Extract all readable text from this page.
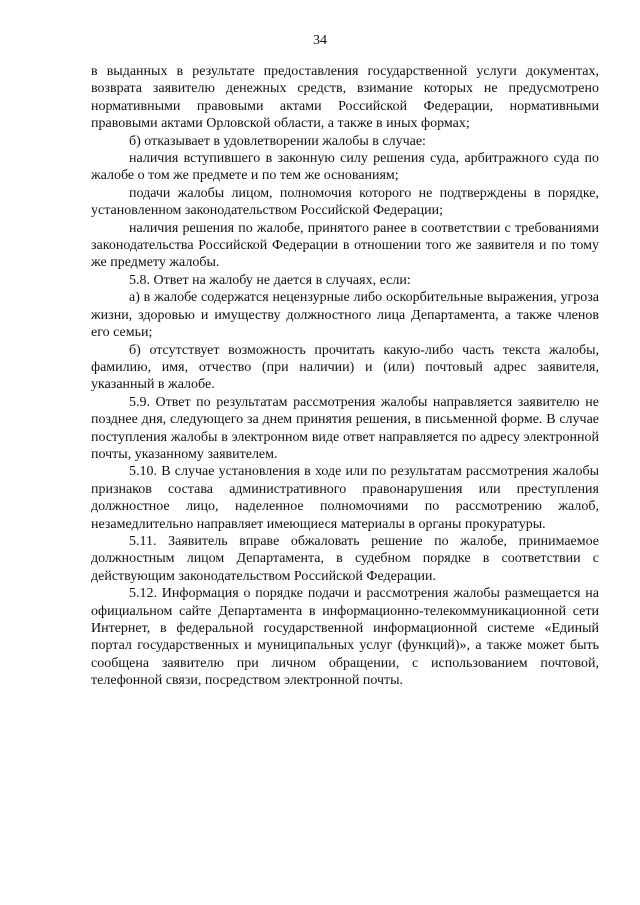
34

в выданных в результате предоставления государственной услуги документах, возврата заявителю денежных средств, взимание которых не предусмотрено нормативными правовыми актами Российской Федерации, нормативными правовыми актами Орловской области, а также в иных формах;

б) отказывает в удовлетворении жалобы в случае:

наличия вступившего в законную силу решения суда, арбитражного суда по жалобе о том же предмете и по тем же основаниям;

подачи жалобы лицом, полномочия которого не подтверждены в порядке, установленном законодательством Российской Федерации;

наличия решения по жалобе, принятого ранее в соответствии с требованиями законодательства Российской Федерации в отношении того же заявителя и по тому же предмету жалобы.

5.8. Ответ на жалобу не дается в случаях, если:

а) в жалобе содержатся нецензурные либо оскорбительные выражения, угроза жизни, здоровью и имуществу должностного лица Департамента, а также членов его семьи;

б) отсутствует возможность прочитать какую-либо часть текста жалобы, фамилию, имя, отчество (при наличии) и (или) почтовый адрес заявителя, указанный в жалобе.

5.9. Ответ по результатам рассмотрения жалобы направляется заявителю не позднее дня, следующего за днем принятия решения, в письменной форме. В случае поступления жалобы в электронном виде ответ направляется по адресу электронной почты, указанному заявителем.

5.10. В случае установления в ходе или по результатам рассмотрения жалобы признаков состава административного правонарушения или преступления должностное лицо, наделенное полномочиями по рассмотрению жалоб, незамедлительно направляет имеющиеся материалы в органы прокуратуры.

5.11. Заявитель вправе обжаловать решение по жалобе, принимаемое должностным лицом Департамента, в судебном порядке в соответствии с действующим законодательством Российской Федерации.

5.12. Информация о порядке подачи и рассмотрения жалобы размещается на официальном сайте Департамента в информационно-телекоммуникационной сети Интернет, в федеральной государственной информационной системе «Единый портал государственных и муниципальных услуг (функций)», а также может быть сообщена заявителю при личном обращении, с использованием почтовой, телефонной связи, посредством электронной почты.
